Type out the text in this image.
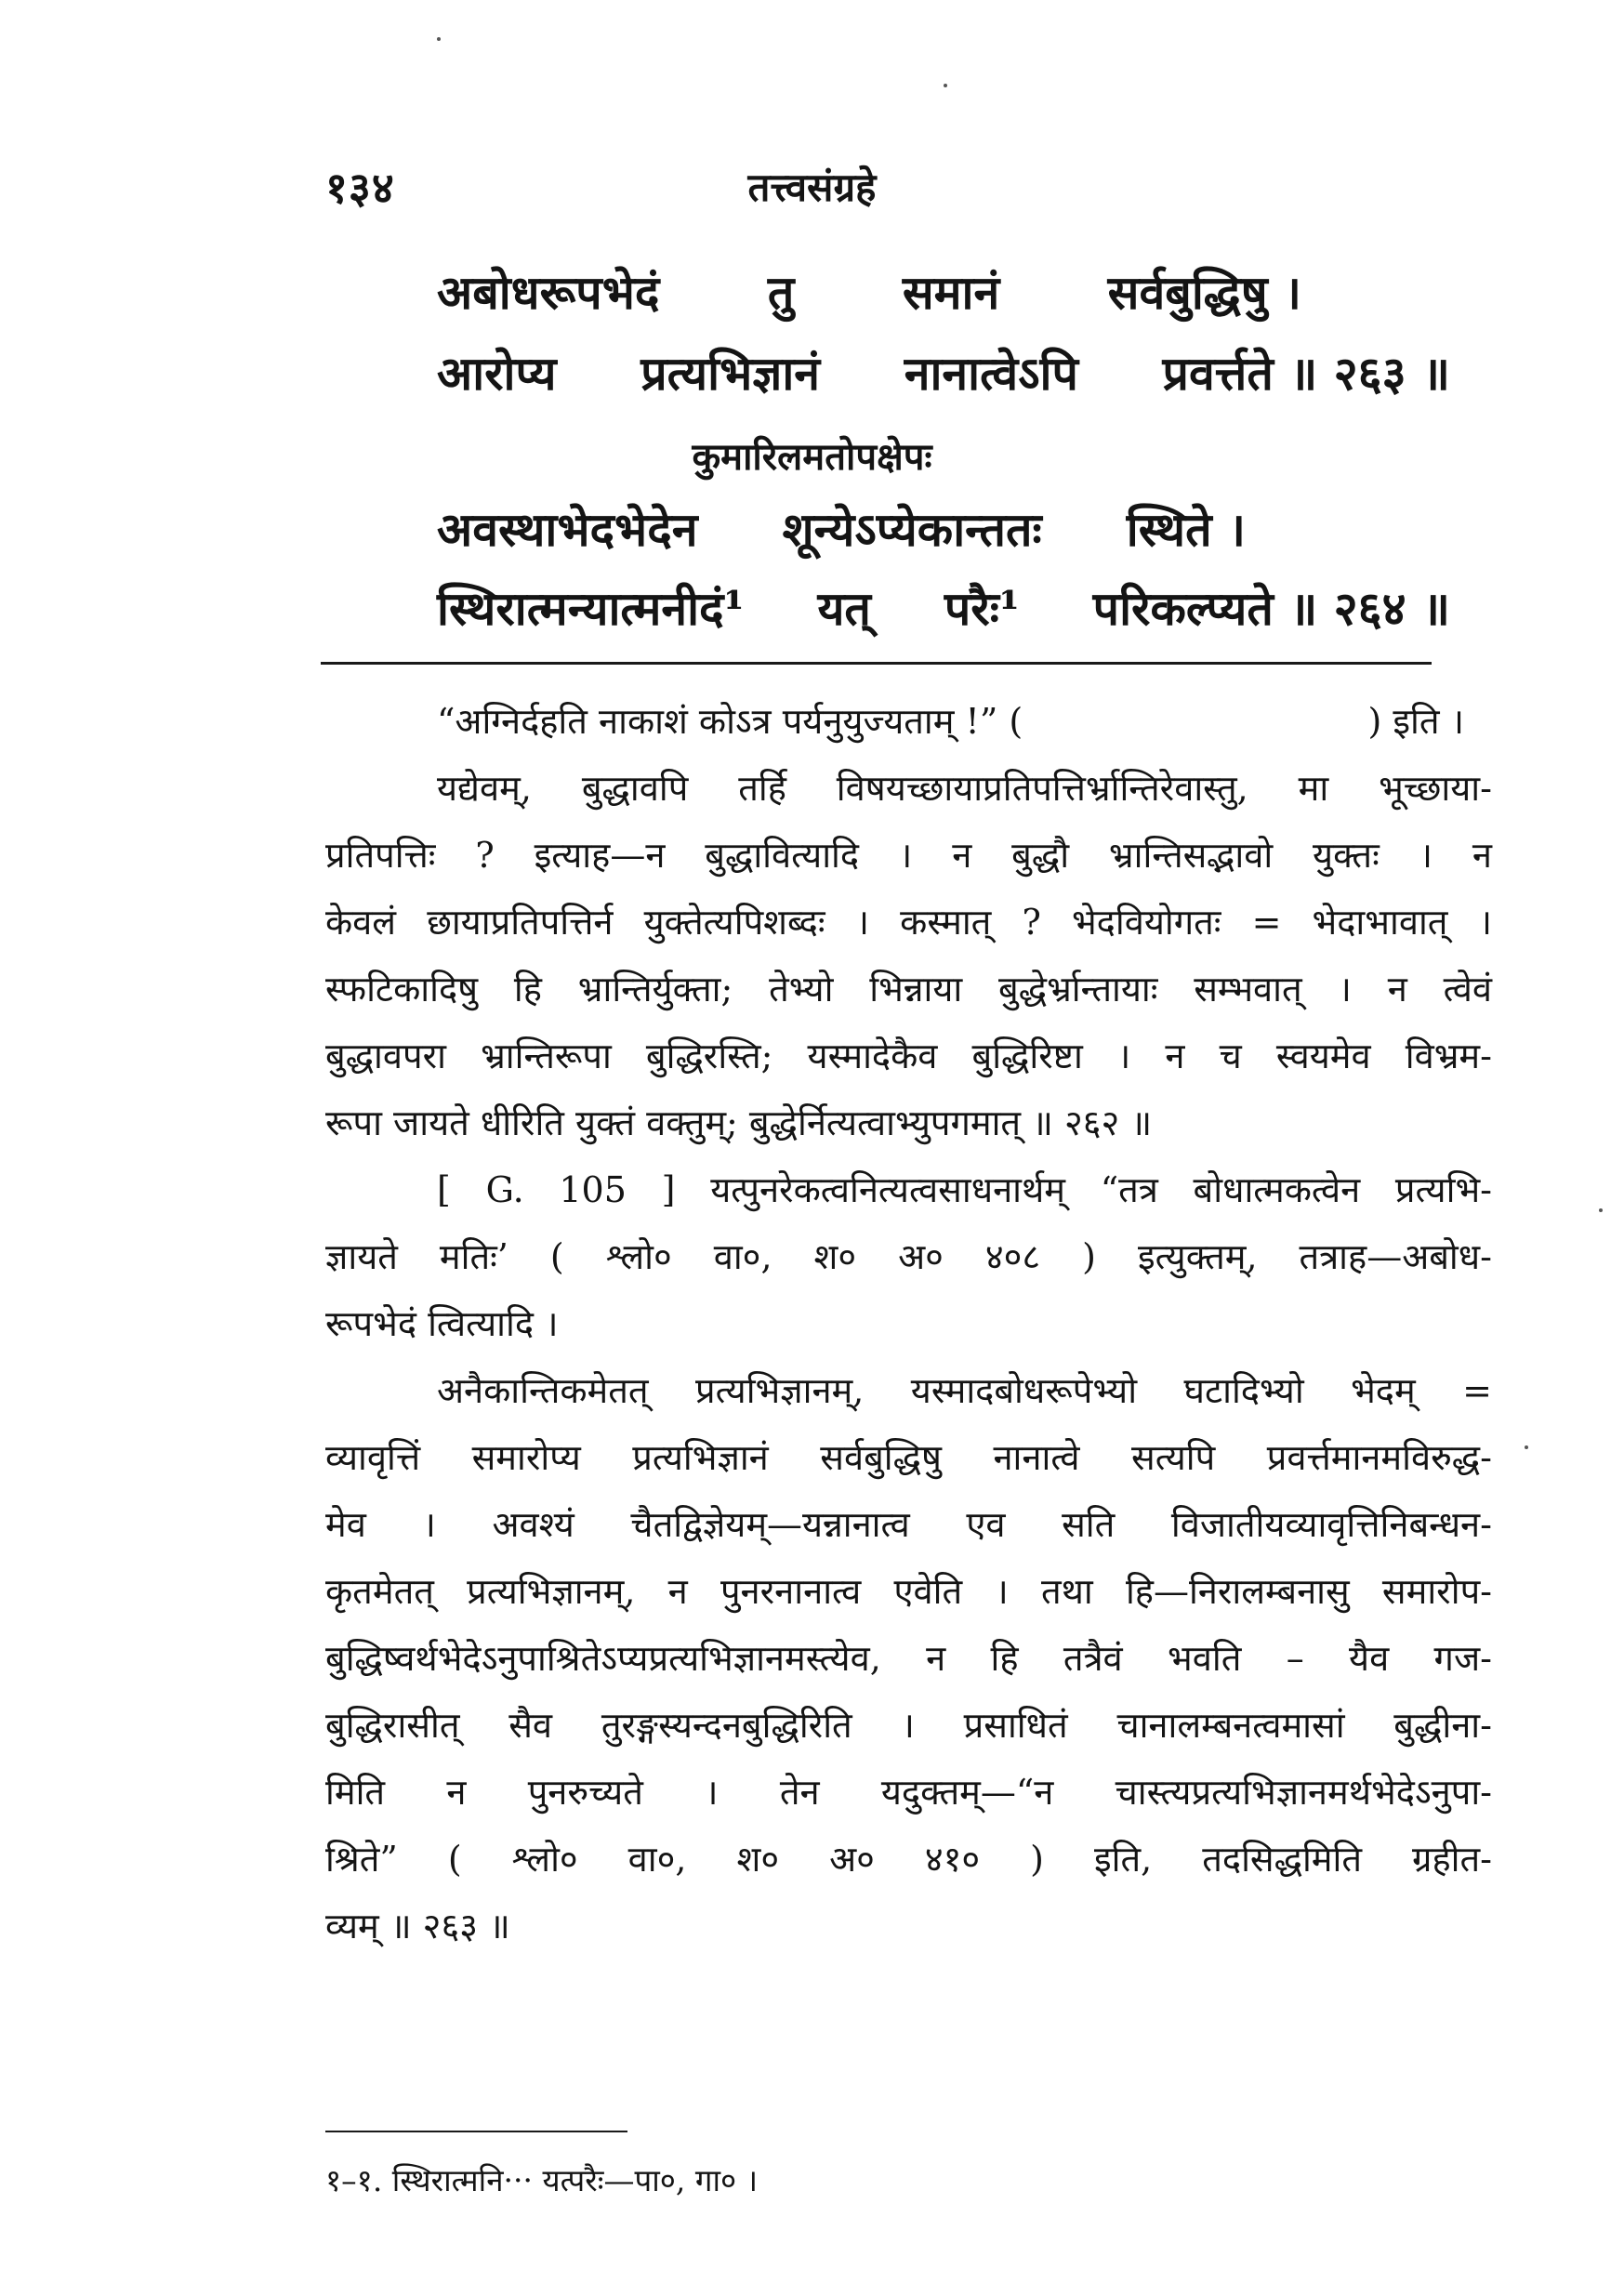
१३४	तत्त्वसंग्रहे
अबोधरूपभेदं तु समानं सर्वबुद्धिषु ।
आरोप्य प्रत्यभिज्ञानं नानात्वेऽपि प्रवर्त्तते ॥ २६३ ॥
कुमारिलमतोपक्षेपः
अवस्थाभेदभेदेन शून्येऽप्येकान्ततः स्थिते ।
स्थिरात्मन्यात्मनीदं¹ यत् परैः¹ परिकल्प्यते ॥ २६४ ॥
“अग्निर्दहति नाकाशं कोऽत्र पर्यनुयुज्यताम् !” (	) इति ।
यद्येवम्, बुद्धावपि तर्हि विषयच्छायाप्रतिपत्तिर्भ्रान्तिरेवास्तु, मा भूच्छाया-
प्रतिपत्तिः ? इत्याह—न बुद्धावित्यादि । न बुद्धौ भ्रान्तिसद्भावो युक्तः । न
केवलं छायाप्रतिपत्तिर्न युक्तेत्यपिशब्दः । कस्मात् ? भेदवियोगतः = भेदाभावात् ।
स्फटिकादिषु हि भ्रान्तिर्युक्ता; तेभ्यो भिन्नाया बुद्धेर्भ्रान्तायाः सम्भवात् । न त्वेवं
बुद्धावपरा भ्रान्तिरूपा बुद्धिरस्ति; यस्मादेकैव बुद्धिरिष्टा । न च स्वयमेव विभ्रम-
रूपा जायते धीरिति युक्तं वक्तुम्; बुद्धेर्नित्यत्वाभ्युपगमात् ॥ २६२ ॥
[ G. 105 ] यत्पुनरेकत्वनित्यत्वसाधनार्थम् “तत्र बोधात्मकत्वेन प्रत्यभि-
ज्ञायते मतिः’ ( श्लो० वा०, श० अ० ४०८ ) इत्युक्तम्, तत्राह—अबोध-
रूपभेदं त्वित्यादि ।
अनैकान्तिकमेतत् प्रत्यभिज्ञानम्, यस्मादबोधरूपेभ्यो घटादिभ्यो भेदम् =
व्यावृत्तिं समारोप्य प्रत्यभिज्ञानं सर्वबुद्धिषु नानात्वे सत्यपि प्रवर्त्तमानमविरुद्ध-
मेव । अवश्यं चैतद्विज्ञेयम्—यन्नानात्व एव सति विजातीयव्यावृत्तिनिबन्धन-
कृतमेतत् प्रत्यभिज्ञानम्, न पुनरनानात्व एवेति । तथा हि—निरालम्बनासु समारोप-
बुद्धिष्वर्थभेदेऽनुपाश्रितेऽप्यप्रत्यभिज्ञानमस्त्येव, न हि तत्रैवं भवति – यैव गज-
बुद्धिरासीत् सैव तुरङ्गस्यन्दनबुद्धिरिति । प्रसाधितं चानालम्बनत्वमासां बुद्धीना-
मिति न पुनरुच्यते । तेन यदुक्तम्—“न चास्त्यप्रत्यभिज्ञानमर्थभेदेऽनुपा-
श्रिते” ( श्लो० वा०, श० अ० ४१० ) इति, तदसिद्धमिति ग्रहीत-
व्यम् ॥ २६३ ॥
१–१. स्थिरात्मनि··· यत्परैः—पा०, गा० ।
